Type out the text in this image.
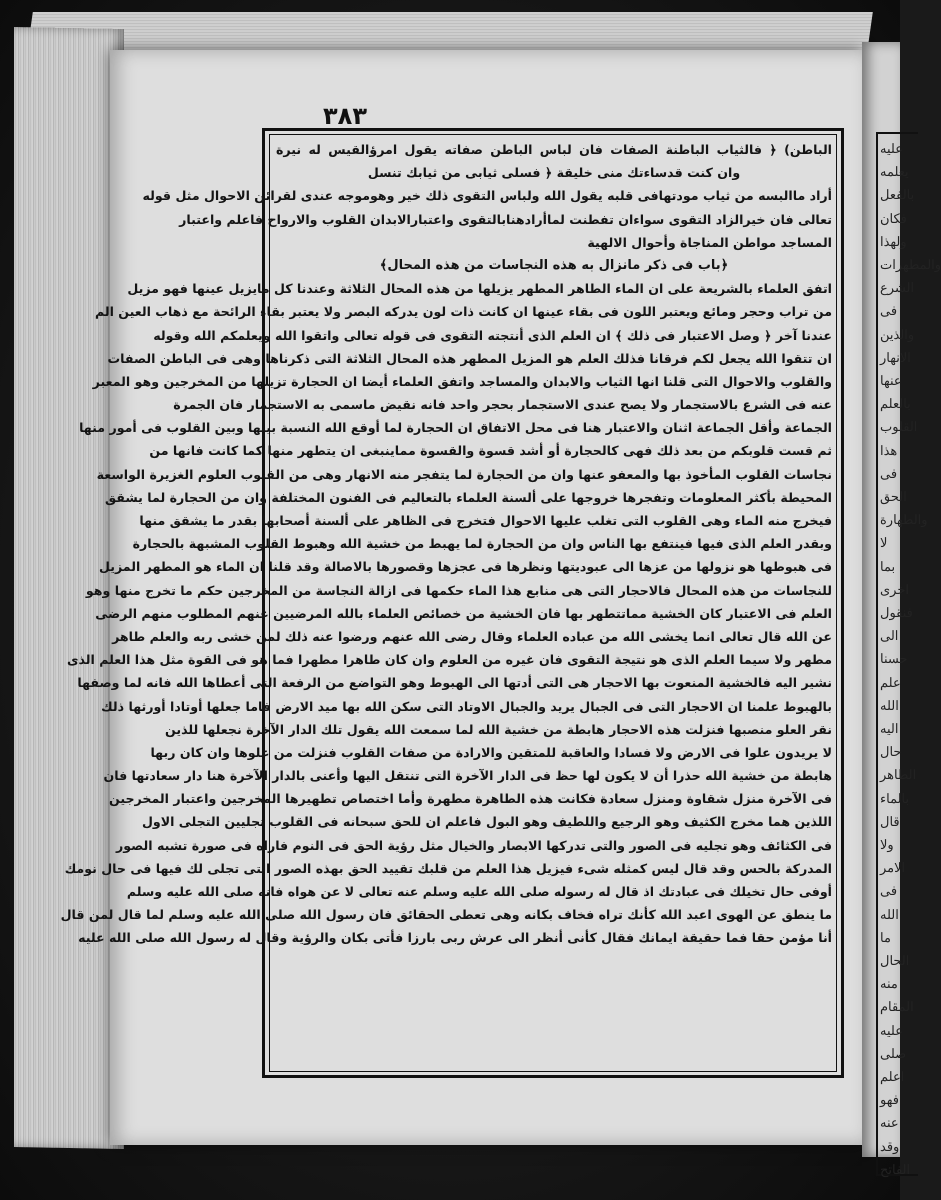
عليه
يعلمه
بالفعل
فكان
ولهذا
والمطهرات
الشرع
فى
والذين
الانهار
عنها
بالعلم
القلوب
هذا
فى
الحق
والطهارة
لا
بما
اخرى
فنقول
الى
حسنا
علم
الله
اليه
حال
الطاهر
بالماء
قال
ولا
الامر
فى
الله
ما
الحال
منه
المقام
عليه
صلى
اعلم
فهو
عنه
وقد
الفاتح
٣٨٣
الباطن) ﴿ فالثياب الباطنة الصفات فان لباس الباطن صفاته يقول امرؤالقيس له نيرة
وان كنت قدساءتك منى خليقة ﴿ فسلى ثيابى من ثيابك تنسل
أراد ماالبسه من ثياب مودتهافى قلبه يقول الله ولباس التقوى ذلك خير وهوموجه عندى لقرائن الاحوال مثل قوله
تعالى فان خيرالزاد التقوى سواءان تفطنت لماأرادهنابالتقوى واعتبارالابدان القلوب والارواح فاعلم واعتبار
المساجد مواطن المناجاة وأحوال الالهية
﴿باب فى ذكر مانزال به هذه النجاسات من هذه المحال﴾
اتفق العلماء بالشريعة على ان الماء الطاهر المطهر يزيلها من هذه المحال الثلاثة وعندنا كل مايزيل عينها فهو مزيل
من تراب وحجر ومائع ويعتبر اللون فى بقاء عينها ان كانت ذات لون يدركه البصر ولا يعتبر بقاء الرائحة مع ذهاب العين الم
عندنا آخر ﴿ وصل الاعتبار فى ذلك ﴾ ان العلم الذى أنتجته التقوى فى قوله تعالى واتقوا الله ويعلمكم الله وقوله
ان تتقوا الله يجعل لكم فرقانا فذلك العلم هو المزيل المطهر هذه المحال الثلاثة التى ذكرناها وهى فى الباطن الصفات
والقلوب والاحوال التى قلنا انها الثياب والابدان والمساجد واتفق العلماء أيضا ان الحجارة تزيلها من المخرجين وهو المعبر
عنه فى الشرع بالاستجمار ولا يصح عندى الاستجمار بحجر واحد فانه نقيض ماسمى به الاستجمار فان الجمرة
الجماعة وأقل الجماعة اثنان والاعتبار هنا فى محل الاتفاق ان الحجارة لما أوقع الله النسبة بينها وبين القلوب فى أمور منها
ثم قست قلوبكم من بعد ذلك فهى كالحجارة أو أشد قسوة والقسوة مماينبغى ان يتطهر منها كما كانت فانها من
نجاسات القلوب المأخوذ بها والمعفو عنها وان من الحجارة لما يتفجر منه الانهار وهى من القلوب العلوم الغزيرة الواسعة
المحيطة بأكثر المعلومات وتفجرها خروجها على ألسنة العلماء بالتعاليم فى الفنون المختلفة وان من الحجارة لما يشقق
فيخرج منه الماء وهى القلوب التى تغلب عليها الاحوال فتخرج فى الظاهر على ألسنة أصحابها بقدر ما يشقق منها
وبقدر العلم الذى فيها فينتفع بها الناس وان من الحجارة لما يهبط من خشية الله وهبوط القلوب المشبهة بالحجارة
فى هبوطها هو نزولها من عزها الى عبوديتها ونظرها فى عجزها وقصورها بالاصالة وقد قلنا ان الماء هو المطهر المزيل
للنجاسات من هذه المحال فالاحجار التى هى منابع هذا الماء حكمها فى ازالة النجاسة من المخرجين حكم ما تخرج منها وهو
العلم فى الاعتبار كان الخشية مماتتطهر بها فان الخشية من خصائص العلماء بالله المرضيين عنهم المطلوب منهم الرضى
عن الله قال تعالى انما يخشى الله من عباده العلماء وقال رضى الله عنهم ورضوا عنه ذلك لمن خشى ربه والعلم طاهر
مطهر ولا سيما العلم الذى هو نتيجة التقوى فان غيره من العلوم وان كان طاهرا مطهرا فما هو فى القوة مثل هذا العلم الذى
نشير اليه فالخشية المنعوت بها الاحجار هى التى أدتها الى الهبوط وهو التواضع من الرفعة التى أعطاها الله فانه لما وصفها
بالهبوط علمنا ان الاحجار التى فى الجبال يريد والجبال الاوتاد التى سكن الله بها ميد الارض فاما جعلها أوتادا أورثها ذلك
نقر العلو منصبها فنزلت هذه الاحجار هابطة من خشية الله لما سمعت الله يقول تلك الدار الآخرة نجعلها للذين
لا يريدون علوا فى الارض ولا فسادا والعاقبة للمتقين والارادة من صفات القلوب فنزلت من علوها وان كان ربها
هابطة من خشية الله حذرا أن لا يكون لها حظ فى الدار الآخرة التى تنتقل اليها وأعنى بالدار الآخرة هنا دار سعادتها فان
فى الآخرة منزل شقاوة ومنزل سعادة فكانت هذه الطاهرة مطهرة وأما اختصاص تطهيرها المخرجين واعتبار المخرجين
اللذين هما مخرج الكثيف وهو الرجيع واللطيف وهو البول فاعلم ان للحق سبحانه فى القلوب تجليين التجلى الاول
فى الكثائف وهو تجليه فى الصور والتى تدركها الابصار والخيال مثل رؤية الحق فى النوم فاراه فى صورة تشبه الصور
المدركة بالحس وقد قال ليس كمثله شىء فيزيل هذا العلم من قلبك تقييد الحق بهذه الصور التى تجلى لك فيها فى حال نومك
أوفى حال تخيلك فى عبادتك اذ قال له رسوله صلى الله عليه وسلم عنه تعالى لا عن هواه فانه صلى الله عليه وسلم
ما ينطق عن الهوى اعبد الله كأنك تراه فخاف بكانه وهى تعطى الحقائق فان رسول الله صلى الله عليه وسلم لما قال لمن قال
أنا مؤمن حقا فما حقيقة ايمانك فقال كأنى أنظر الى عرش ربى بارزا فأتى بكان والرؤية وقال له رسول الله صلى الله عليه
